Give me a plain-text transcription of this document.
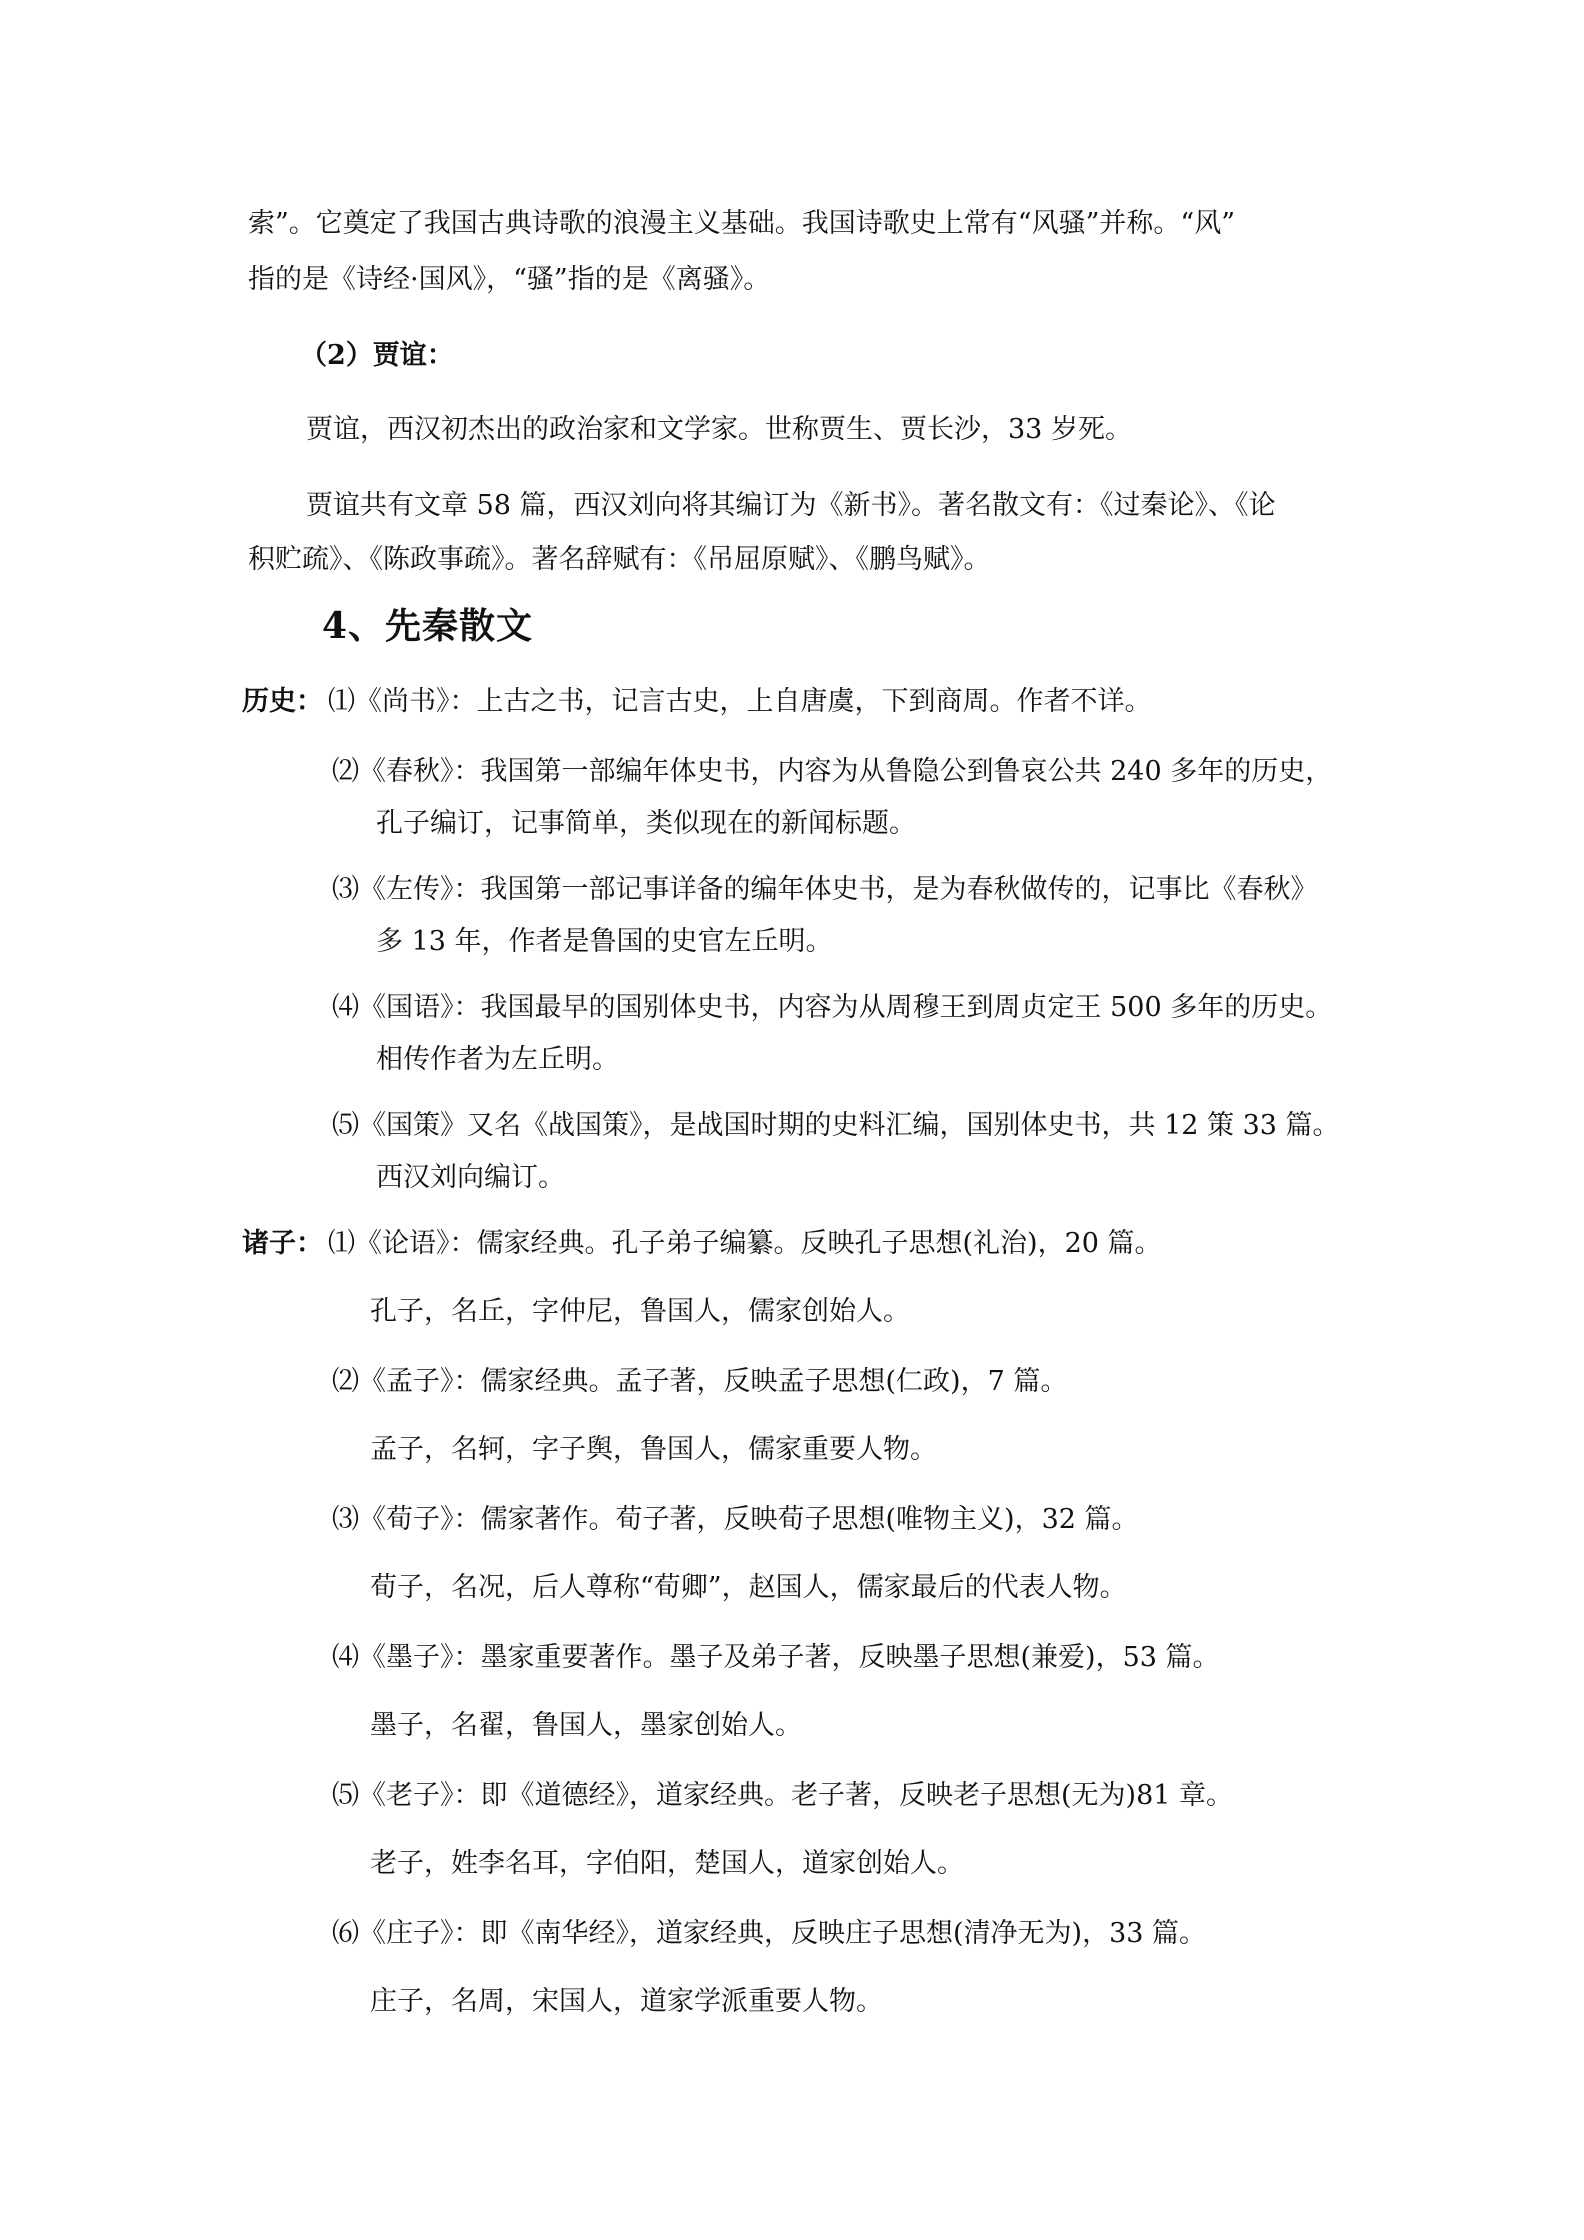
索”。它奠定了我国古典诗歌的浪漫主义基础。我国诗歌史上常有“风骚”并称。“风”
指的是《诗经·国风》，“骚”指的是《离骚》。
（2）贾谊：
贾谊，西汉初杰出的政治家和文学家。世称贾生、贾长沙，33 岁死。
贾谊共有文章 58 篇，西汉刘向将其编订为《新书》。著名散文有：《过秦论》、《论
积贮疏》、《陈政事疏》。著名辞赋有：《吊屈原赋》、《鹏鸟赋》。
4、先秦散文
历史： ⑴《尚书》：上古之书，记言古史，上自唐虞，下到商周。作者不详。
⑵《春秋》：我国第一部编年体史书，内容为从鲁隐公到鲁哀公共 240 多年的历史，
孔子编订，记事简单，类似现在的新闻标题。
⑶《左传》：我国第一部记事详备的编年体史书，是为春秋做传的，记事比《春秋》
多 13 年，作者是鲁国的史官左丘明。
⑷《国语》：我国最早的国别体史书，内容为从周穆王到周贞定王 500 多年的历史。
相传作者为左丘明。
⑸《国策》又名《战国策》，是战国时期的史料汇编，国别体史书，共 12 策 33 篇。
西汉刘向编订。
诸子： ⑴《论语》：儒家经典。孔子弟子编纂。反映孔子思想(礼治)，20 篇。
孔子，名丘，字仲尼，鲁国人，儒家创始人。
⑵《孟子》：儒家经典。孟子著，反映孟子思想(仁政)，7 篇。
孟子，名轲，字子舆，鲁国人，儒家重要人物。
⑶《荀子》：儒家著作。荀子著，反映荀子思想(唯物主义)，32 篇。
荀子，名况，后人尊称“荀卿”，赵国人，儒家最后的代表人物。
⑷《墨子》：墨家重要著作。墨子及弟子著，反映墨子思想(兼爱)，53 篇。
墨子，名翟，鲁国人，墨家创始人。
⑸《老子》：即《道德经》，道家经典。老子著，反映老子思想(无为)81 章。
老子，姓李名耳，字伯阳，楚国人，道家创始人。
⑹《庄子》：即《南华经》，道家经典，反映庄子思想(清净无为)，33 篇。
庄子，名周，宋国人，道家学派重要人物。
